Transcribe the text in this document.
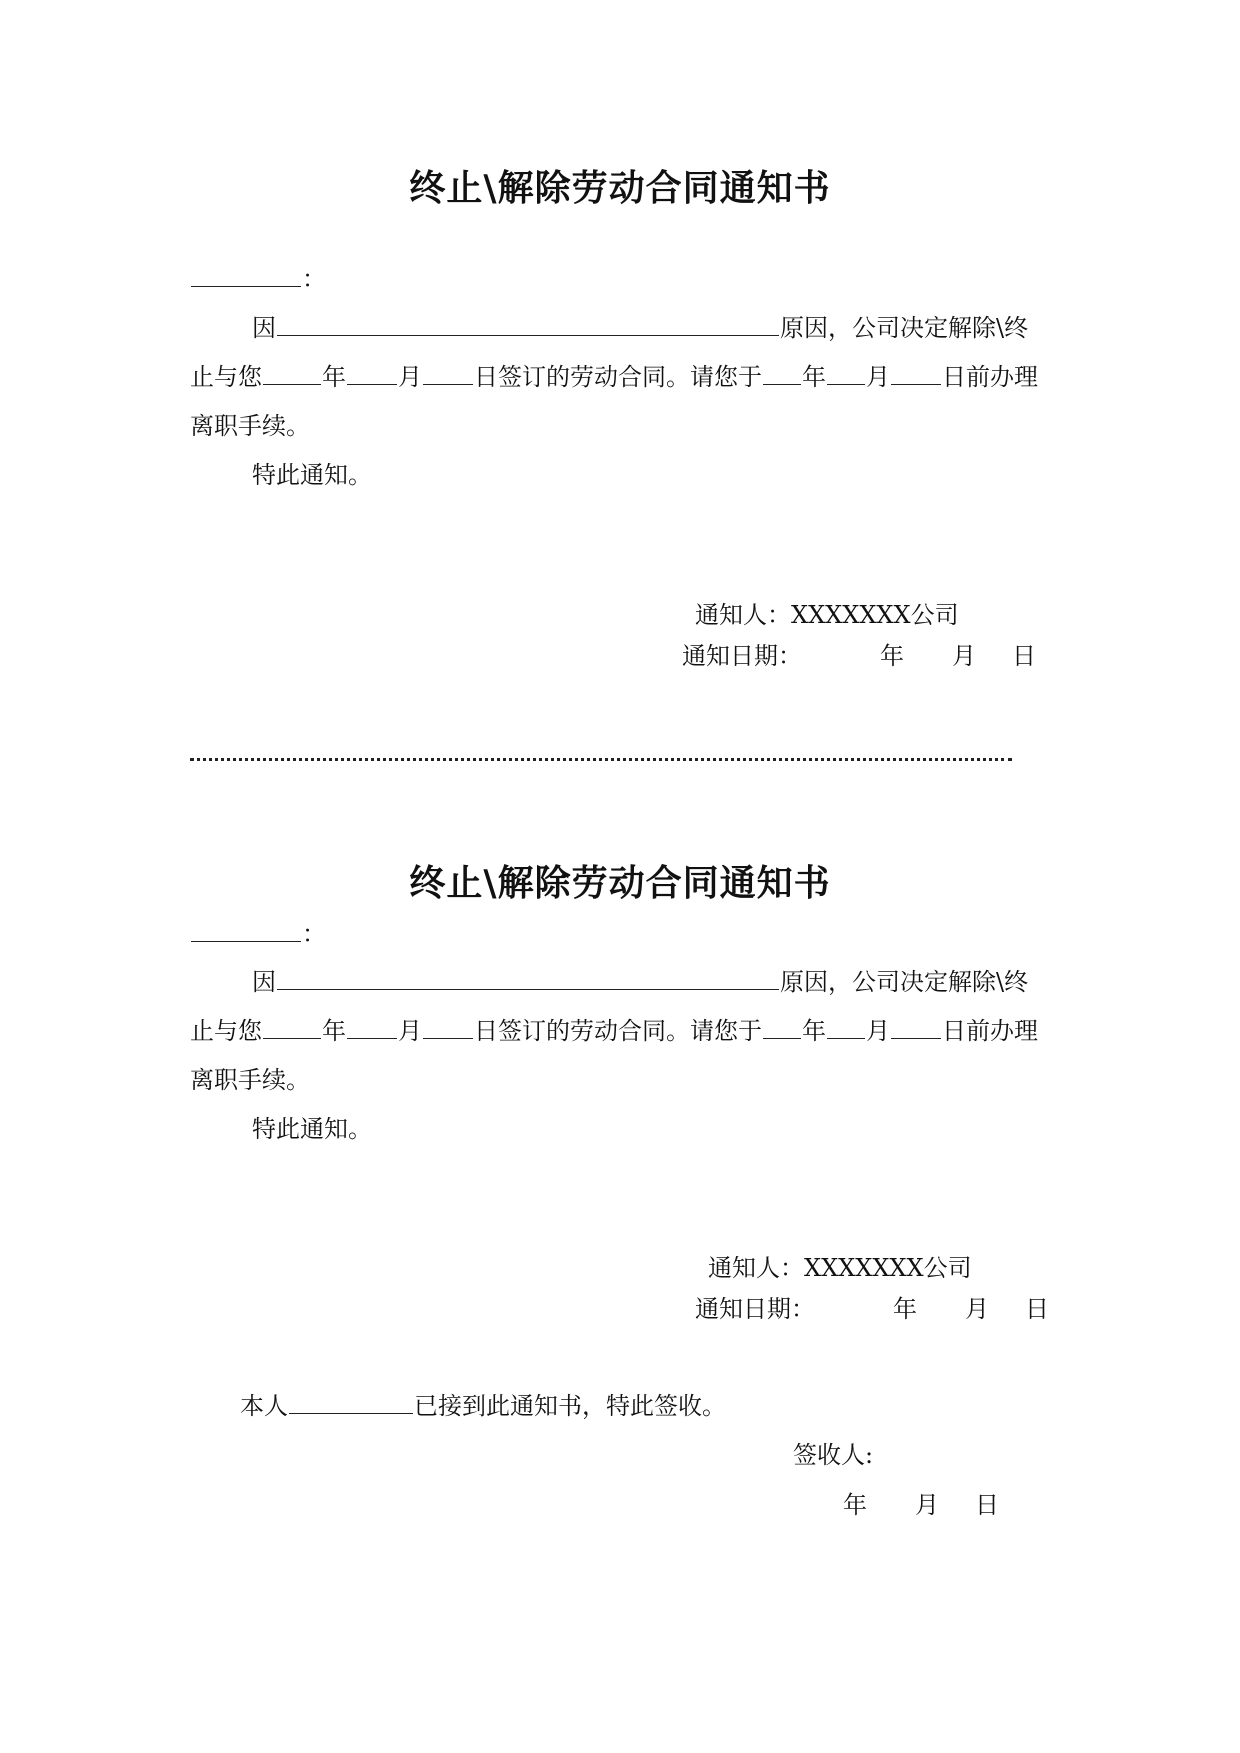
终止\解除劳动合同通知书
：
因	原因，公司决定解除\终
止与您	年 月 日签订的劳动合同。请您于 年 月 日前办理
离职手续。
特此通知。
通知人：XXXXXXX公司
通知日期：	年 月 日
终止\解除劳动合同通知书
：
因	原因，公司决定解除\终
止与您	年 月 日签订的劳动合同。请您于 年 月 日前办理
离职手续。
特此通知。
通知人：XXXXXXX公司
通知日期：	年 月 日
本人	已接到此通知书，特此签收。
签收人:
年 月 日
